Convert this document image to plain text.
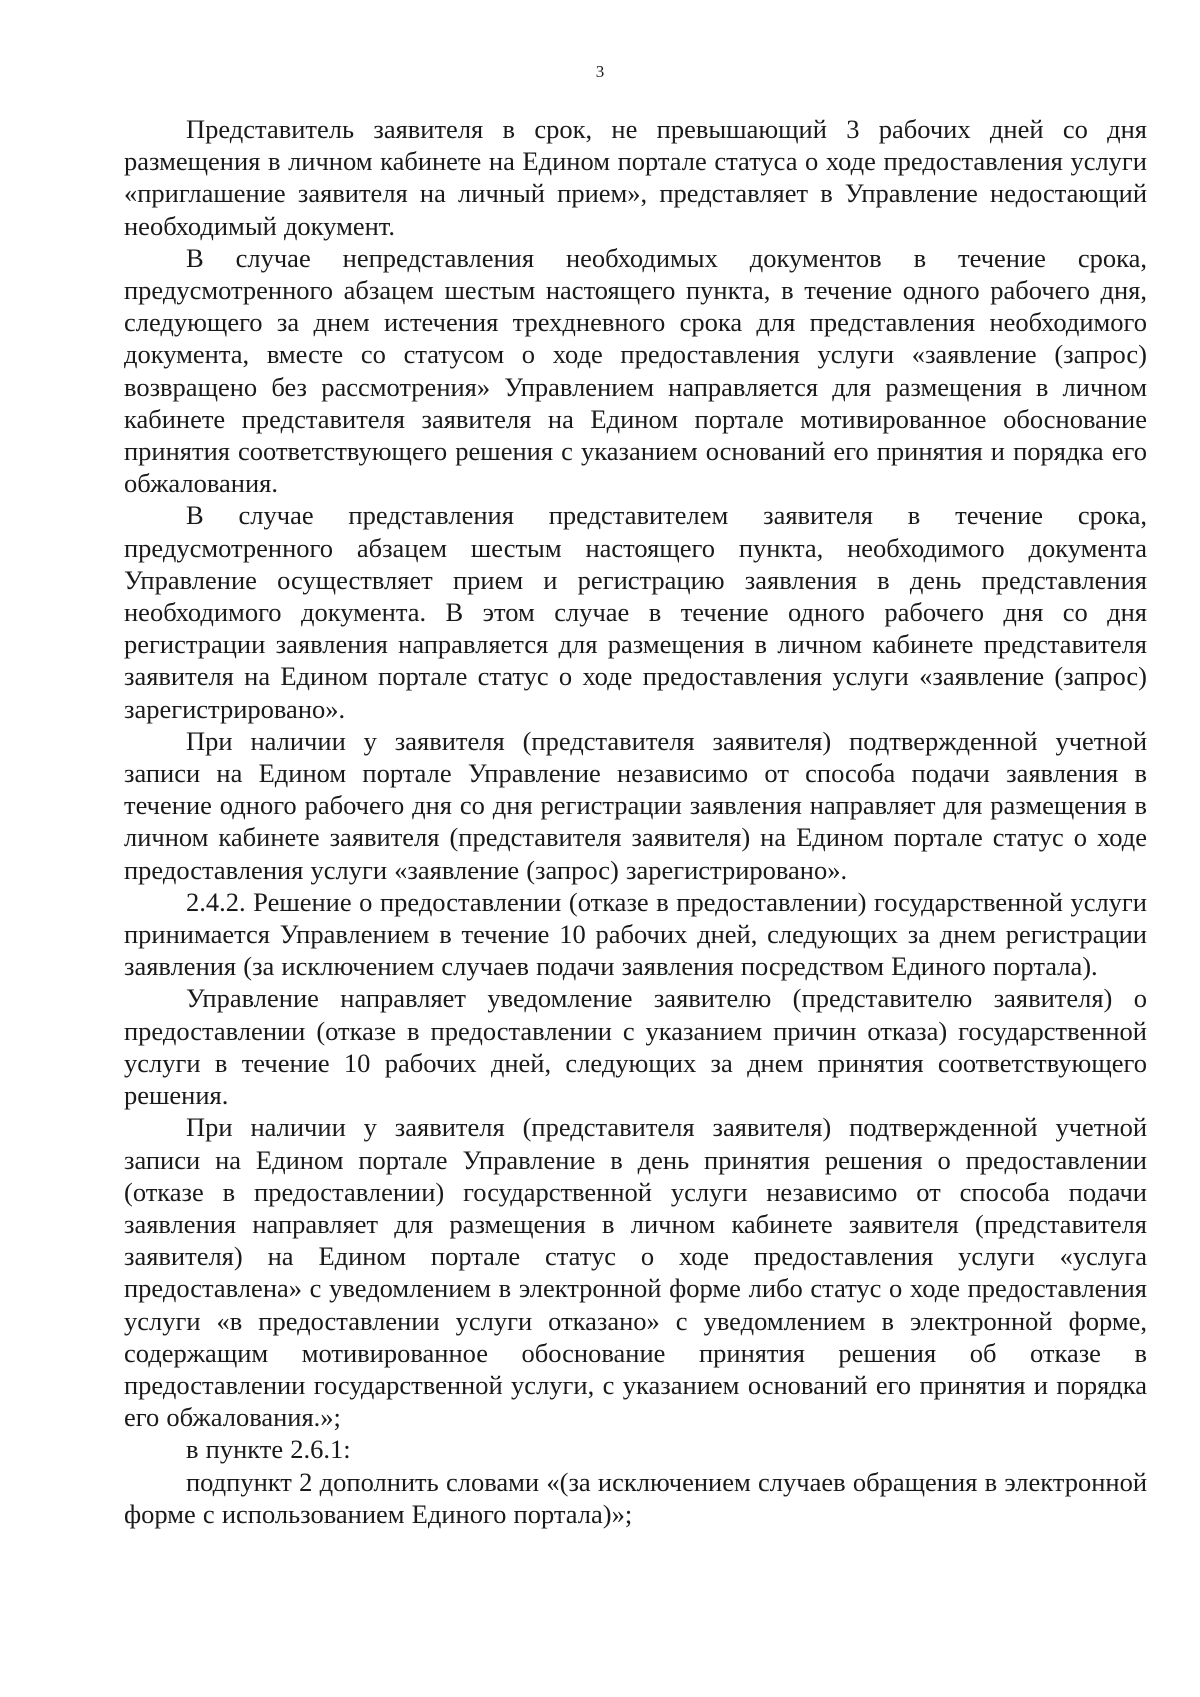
3

Представитель заявителя в срок, не превышающий 3 рабочих дней со дня размещения в личном кабинете на Едином портале статуса о ходе предоставления услуги «приглашение заявителя на личный прием», представляет в Управление недостающий необходимый документ.

В случае непредставления необходимых документов в течение срока, предусмотренного абзацем шестым настоящего пункта, в течение одного рабочего дня, следующего за днем истечения трехдневного срока для представления необходимого документа, вместе со статусом о ходе предоставления услуги «заявление (запрос) возвращено без рассмотрения» Управлением направляется для размещения в личном кабинете представителя заявителя на Едином портале мотивированное обоснование принятия соответствующего решения с указанием оснований его принятия и порядка его обжалования.

В случае представления представителем заявителя в течение срока, предусмотренного абзацем шестым настоящего пункта, необходимого документа Управление осуществляет прием и регистрацию заявления в день представления необходимого документа. В этом случае в течение одного рабочего дня со дня регистрации заявления направляется для размещения в личном кабинете представителя заявителя на Едином портале статус о ходе предоставления услуги «заявление (запрос) зарегистрировано».

При наличии у заявителя (представителя заявителя) подтвержденной учетной записи на Едином портале Управление независимо от способа подачи заявления в течение одного рабочего дня со дня регистрации заявления направляет для размещения в личном кабинете заявителя (представителя заявителя) на Едином портале статус о ходе предоставления услуги «заявление (запрос) зарегистрировано».

2.4.2. Решение о предоставлении (отказе в предоставлении) государственной услуги принимается Управлением в течение 10 рабочих дней, следующих за днем регистрации заявления (за исключением случаев подачи заявления посредством Единого портала).

Управление направляет уведомление заявителю (представителю заявителя) о предоставлении (отказе в предоставлении с указанием причин отказа) государственной услуги в течение 10 рабочих дней, следующих за днем принятия соответствующего решения.

При наличии у заявителя (представителя заявителя) подтвержденной учетной записи на Едином портале Управление в день принятия решения о предоставлении (отказе в предоставлении) государственной услуги независимо от способа подачи заявления направляет для размещения в личном кабинете заявителя (представителя заявителя) на Едином портале статус о ходе предоставления услуги «услуга предоставлена» с уведомлением в электронной форме либо статус о ходе предоставления услуги «в предоставлении услуги отказано» с уведомлением в электронной форме, содержащим мотивированное обоснование принятия решения об отказе в предоставлении государственной услуги, с указанием оснований его принятия и порядка его обжалования.»;

в пункте 2.6.1:

подпункт 2 дополнить словами «(за исключением случаев обращения в электронной форме с использованием Единого портала)»;
